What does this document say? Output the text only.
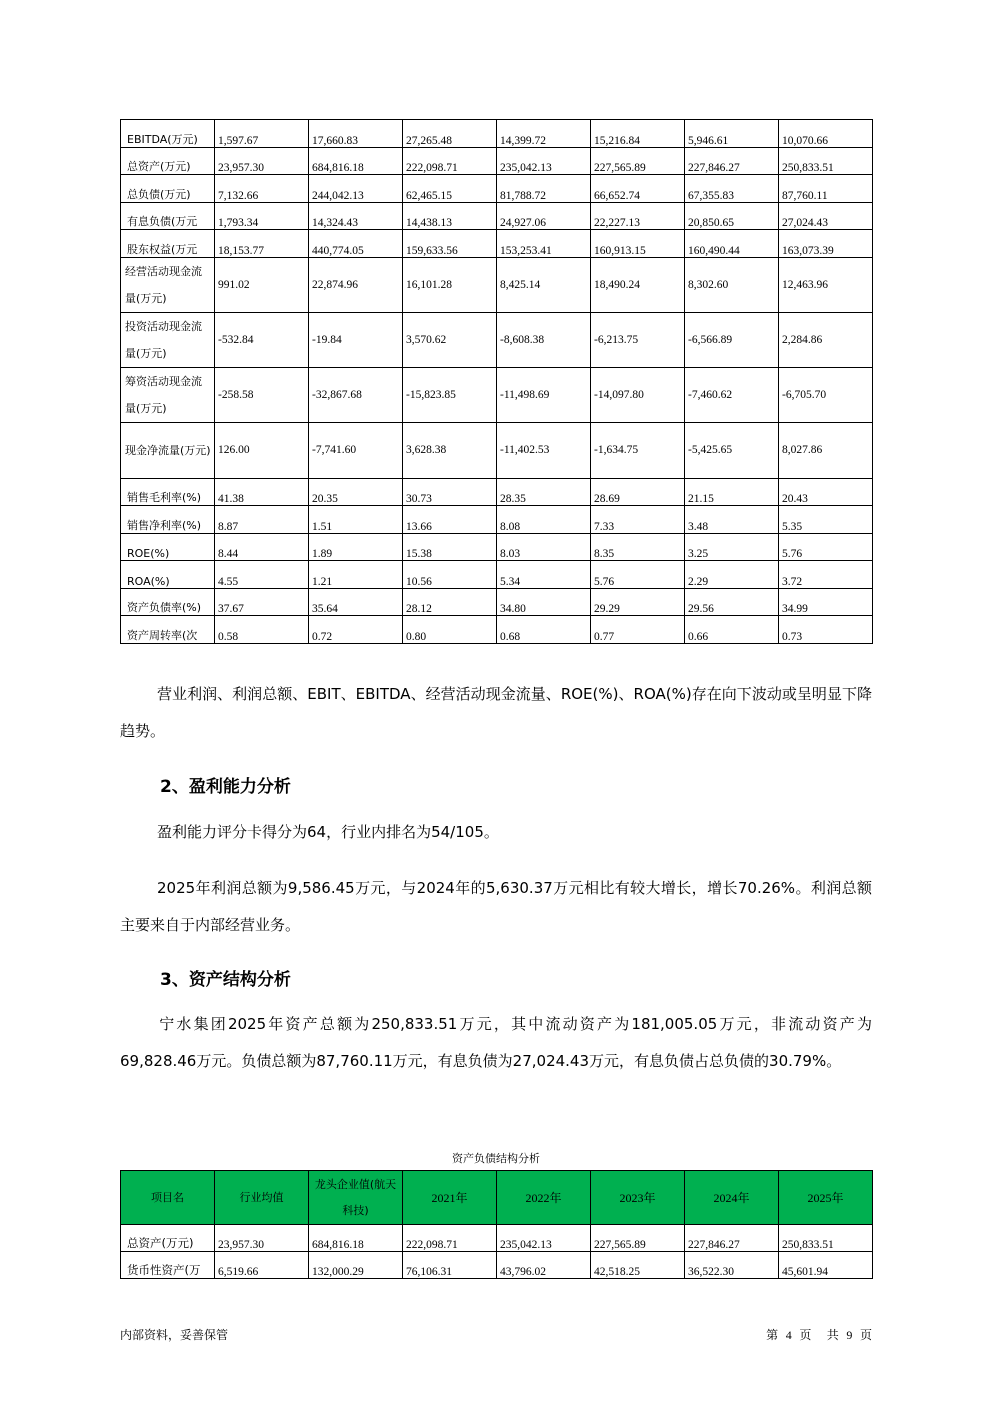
EBITDA(万元)	1,597.67	17,660.83	27,265.48	14,399.72	15,216.84	5,946.61	10,070.66
总资产(万元)	23,957.30	684,816.18	222,098.71	235,042.13	227,565.89	227,846.27	250,833.51
总负债(万元)	7,132.66	244,042.13	62,465.15	81,788.72	66,652.74	67,355.83	87,760.11
有息负债(万元	1,793.34	14,324.43	14,438.13	24,927.06	22,227.13	20,850.65	27,024.43
股东权益(万元	18,153.77	440,774.05	159,633.56	153,253.41	160,913.15	160,490.44	163,073.39
经营活动现金流量(万元)	991.02	22,874.96	16,101.28	8,425.14	18,490.24	8,302.60	12,463.96
投资活动现金流量(万元)	-532.84	-19.84	3,570.62	-8,608.38	-6,213.75	-6,566.89	2,284.86
筹资活动现金流量(万元)	-258.58	-32,867.68	-15,823.85	-11,498.69	-14,097.80	-7,460.62	-6,705.70
现金净流量(万元)	126.00	-7,741.60	3,628.38	-11,402.53	-1,634.75	-5,425.65	8,027.86
销售毛利率(%)	41.38	20.35	30.73	28.35	28.69	21.15	20.43
销售净利率(%)	8.87	1.51	13.66	8.08	7.33	3.48	5.35
ROE(%)	8.44	1.89	15.38	8.03	8.35	3.25	5.76
ROA(%)	4.55	1.21	10.56	5.34	5.76	2.29	3.72
资产负债率(%)	37.67	35.64	28.12	34.80	29.29	29.56	34.99
资产周转率(次	0.58	0.72	0.80	0.68	0.77	0.66	0.73
营业利润、利润总额、EBIT、EBITDA、经营活动现金流量、ROE(%)、ROA(%)存在向下波动或呈明显下降趋势。
2、盈利能力分析
盈利能力评分卡得分为64，行业内排名为54/105。
2025年利润总额为9,586.45万元，与2024年的5,630.37万元相比有较大增长，增长70.26%。利润总额主要来自于内部经营业务。
3、资产结构分析
宁水集团2025年资产总额为250,833.51万元，其中流动资产为181,005.05万元，非流动资产为69,828.46万元。负债总额为87,760.11万元，有息负债为27,024.43万元，有息负债占总负债的30.79%。
资产负债结构分析
项目名	行业均值	龙头企业值(航天科技)	2021年	2022年	2023年	2024年	2025年
总资产(万元)	23,957.30	684,816.18	222,098.71	235,042.13	227,565.89	227,846.27	250,833.51
货币性资产(万	6,519.66	132,000.29	76,106.31	43,796.02	42,518.25	36,522.30	45,601.94
内部资料，妥善保管	第 4 页 共 9 页
